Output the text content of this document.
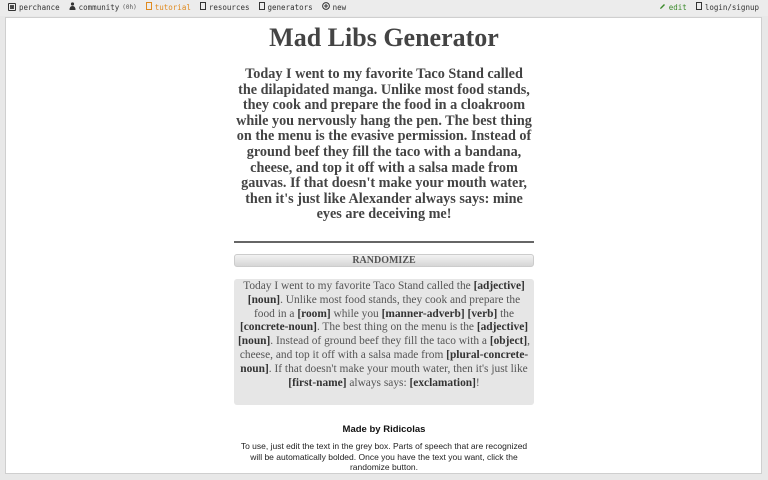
perchance	community (0h) tutorial resources generators	new	edit login/signup
Mad Libs Generator
Today I went to my favorite Taco Stand called the dilapidated manga. Unlike most food stands, they cook and prepare the food in a cloakroom while you nervously hang the pen. The best thing on the menu is the evasive permission. Instead of ground beef they fill the taco with a bandana, cheese, and top it off with a salsa made from gauvas. If that doesn't make your mouth water, then it's just like Alexander always says: mine eyes are deceiving me!
RANDOMIZE
Today I went to my favorite Taco Stand called the [adjective] [noun]. Unlike most food stands, they cook and prepare the food in a [room] while you [manner-adverb] [verb] the [concrete-noun]. The best thing on the menu is the [adjective] [noun]. Instead of ground beef they fill the taco with a [object], cheese, and top it off with a salsa made from [plural-concrete-noun]. If that doesn't make your mouth water, then it's just like [first-name] always says: [exclamation]!
Made by Ridicolas
To use, just edit the text in the grey box. Parts of speech that are recognized will be automatically bolded. Once you have the text you want, click the randomize button.
